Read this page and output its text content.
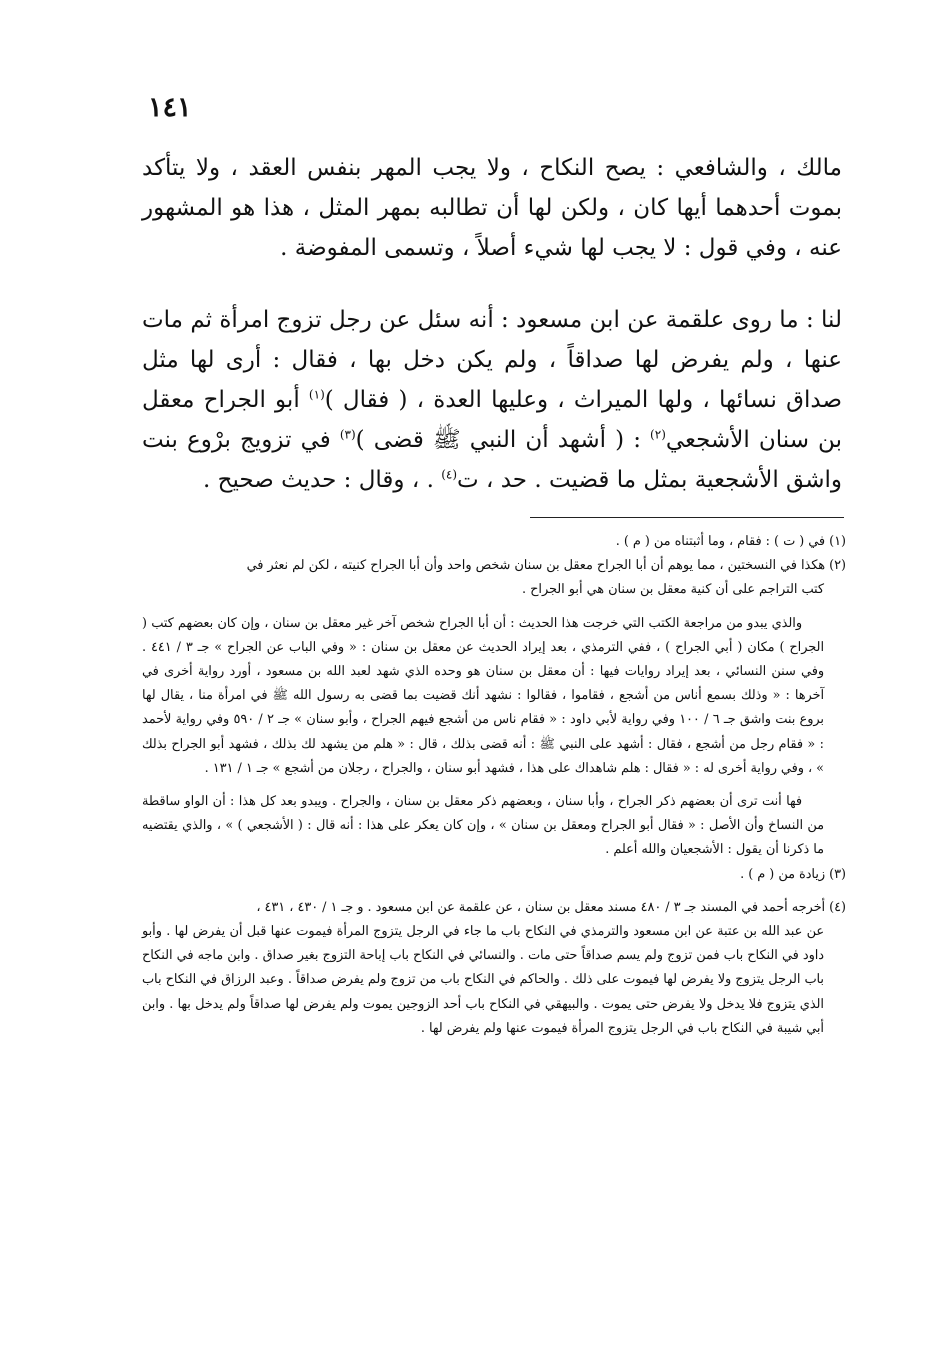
١٤١

مالك ، والشافعي : يصح النكاح ، ولا يجب المهر بنفس العقد ، ولا يتأكد بموت أحدهما أيها كان ، ولكن لها أن تطالبه بمهر المثل ، هذا هو المشهور عنه ، وفي قول : لا يجب لها شيء أصلاً ، وتسمى المفوضة .

لنا : ما روى علقمة عن ابن مسعود : أنه سئل عن رجل تزوج امرأة ثم مات عنها ، ولم يفرض لها صداقاً ، ولم يكن دخل بها ، فقال : أرى لها مثل صداق نسائها ، ولها الميراث ، وعليها العدة ، ( فقال )$^{(١)}$ أبو الجراح معقل بن سنان الأشجعي$^{(٢)}$ : ( أشهد أن النبي ﷺ قضى )$^{(٣)}$ في تزويج برْوع بنت واشق الأشجعية بمثل ما قضيت . حد ، ت$^{(٤)}$ . ، وقال : حديث صحيح .

(١) في ( ت ) : فقام ، وما أثبتناه من ( م ) .

(٢) هكذا في النسختين ، مما يوهم أن أبا الجراح معقل بن سنان شخص واحد وأن أبا الجراح كنيته ، لكن لم نعثر في

كتب التراجم على أن كنية معقل بن سنان هي أبو الجراح .

والذي يبدو من مراجعة الكتب التي خرجت هذا الحديث : أن أبا الجراح شخص آخر غير معقل بن سنان ، وإن كان بعضهم كتب ( الجراح ) مكان ( أبي الجراح ) ، ففي الترمذي ، بعد إيراد الحديث عن معقل بن سنان : « وفي الباب عن الجراح » جـ ٣ / ٤٤١ . وفي سنن النسائي ، بعد إيراد روايات فيها : أن معقل بن سنان هو وحده الذي شهد لعبد الله بن مسعود ، أورد رواية أخرى في آخرها : « وذلك بسمع أناس من أشجع ، فقاموا ، فقالوا : نشهد أنك قضيت بما قضى به رسول الله ﷺ في امرأة منا ، يقال لها بروع بنت واشق جـ ٦ / ١٠٠ وفي رواية لأبي داود : « فقام ناس من أشجع فيهم الجراح ، وأبو سنان » جـ ٢ / ٥٩٠ وفي رواية لأحمد : « فقام رجل من أشجع ، فقال : أشهد على النبي ﷺ : أنه قضى بذلك ، قال : « هلم من يشهد لك بذلك ، فشهد أبو الجراح بذلك » ، وفي رواية أخرى له : « فقال : هلم شاهداك على هذا ، فشهد أبو سنان ، والجراح ، رجلان من أشجع » جـ ١ / ١٣١ .

فها أنت ترى أن بعضهم ذكر الجراح ، وأبا سنان ، وبعضهم ذكر معقل بن سنان ، والجراح . ويبدو بعد كل هذا : أن الواو ساقطة من النساخ وأن الأصل : « فقال أبو الجراح ومعقل بن سنان » ، وإن كان يعكر على هذا : أنه قال : ( الأشجعي ) » ، والذي يقتضيه ما ذكرنا أن يقول : الأشجعيان والله أعلم .

(٣) زيادة من ( م ) .

(٤) أخرجه أحمد في المسند جـ ٣ / ٤٨٠ مسند معقل بن سنان ، عن علقمة عن ابن مسعود . و جـ ١ / ٤٣٠ ، ٤٣١ ،

عن عبد الله بن عتبة عن ابن مسعود والترمذي في النكاح باب ما جاء في الرجل يتزوج المرأة فيموت عنها قبل أن يفرض لها . وأبو داود في النكاح باب فمن تزوج ولم يسم صداقاً حتى مات . والنسائي في النكاح باب إباحة التزوج بغير صداق . وابن ماجه في النكاح باب الرجل يتزوج ولا يفرض لها فيموت على ذلك . والحاكم في النكاح باب من تزوج ولم يفرض صداقاً . وعبد الرزاق في النكاح باب الذي يتزوج فلا يدخل ولا يفرض حتى يموت . والبيهقي في النكاح باب أحد الزوجين يموت ولم يفرض لها صداقاً ولم يدخل بها . وابن أبي شيبة في النكاح باب في الرجل يتزوج المرأة فيموت عنها ولم يفرض لها .
